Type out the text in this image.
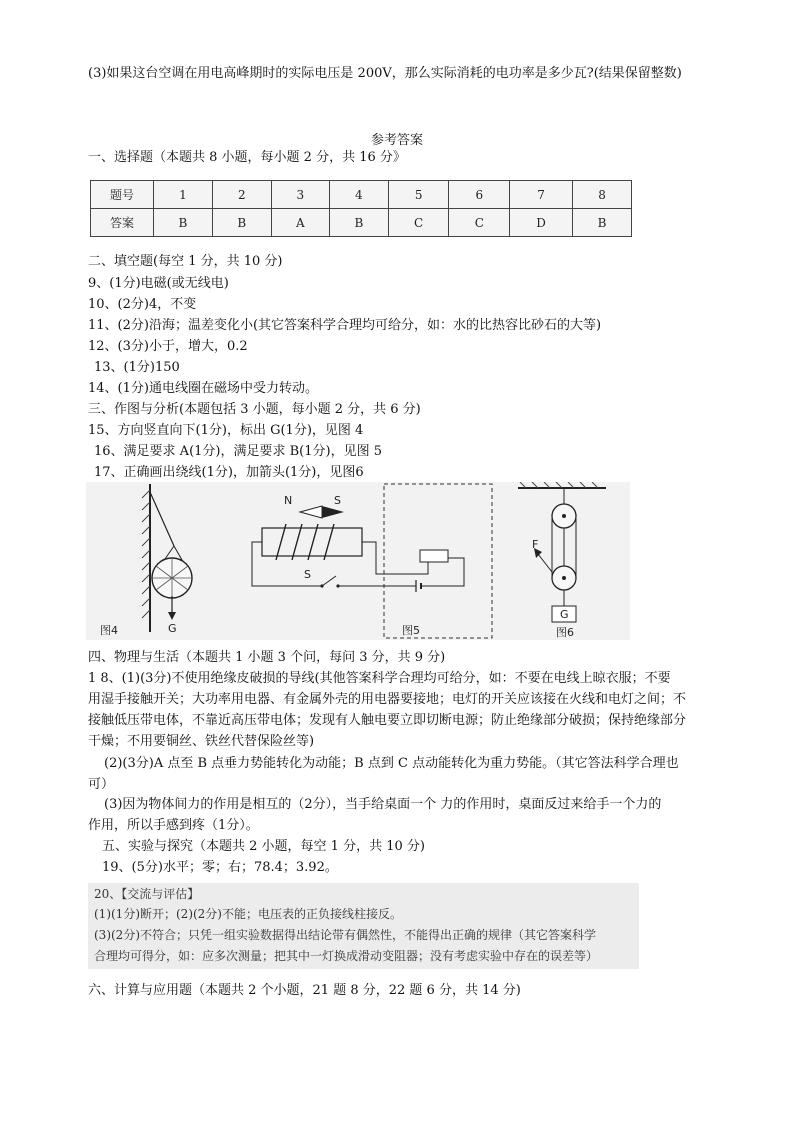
(3)如果这台空调在用电高峰期时的实际电压是 200V，那么实际消耗的电功率是多少瓦?(结果保留整数)
参考答案
一、选择题（本题共 8 小题，每小题 2 分，共 16 分》
题号	1	2	3	4	5	6	7	8
答案	B	B	A	B	C	C	D	B
二、填空题(每空 1 分，共 10 分)
9、(1分)电磁(或无线电)
10、(2分)4，不变
11、(2分)沿海；温差变化小(其它答案科学合理均可给分，如：水的比热容比砂石的大等)
12、(3分)小于，增大，0.2
13、(1分)150
14、(1分)通电线圈在磁场中受力转动。
三、作图与分析(本题包括 3 小题，每小题 2 分，共 6 分)
15、方向竖直向下(1分)，标出 G(1分)，见图 4
16、满足要求 A(1分)，满足要求 B(1分)，见图 5
17、正确画出绕线(1分)，加箭头(1分)，见图6
G
图4
N	S
S
图5
F
G
图6
四、物理与生活（本题共 1 小题 3 个问，每问 3 分，共 9 分)
1 8、(1)(3分)不使用绝缘皮破损的导线(其他答案科学合理均可给分，如：不要在电线上晾衣服；不要
用湿手接触开关；大功率用电器、有金属外壳的用电器要接地；电灯的开关应该接在火线和电灯之间；不
接触低压带电体，不靠近高压带电体；发现有人触电要立即切断电源；防止绝缘部分破损；保持绝缘部分
干燥；不用要铜丝、铁丝代替保险丝等)
(2)(3分)A 点至 B 点垂力势能转化为动能；B 点到 C 点动能转化为重力势能。（其它答法科学合理也
可）
(3)因为物体间力的作用是相互的（2分），当手给桌面一个 力的作用时，桌面反过来给手一个力的
作用，所以手感到疼（1分）。
五、实验与探究（本题共 2 小题，每空 1 分，共 10 分)
19、(5分)水平；零；右；78.4；3.92。
20、【交流与评估】
(1)(1分)断开；(2)(2分)不能；电压表的正负接线柱接反。
(3)(2分)不符合；只凭一组实验数据得出结论带有偶然性，不能得出正确的规律（其它答案科学
合理均可得分，如：应多次测量；把其中一灯换成滑动变阻器；没有考虑实验中存在的误差等）
六、计算与应用题（本题共 2 个小题，21 题 8 分，22 题 6 分，共 14 分)
